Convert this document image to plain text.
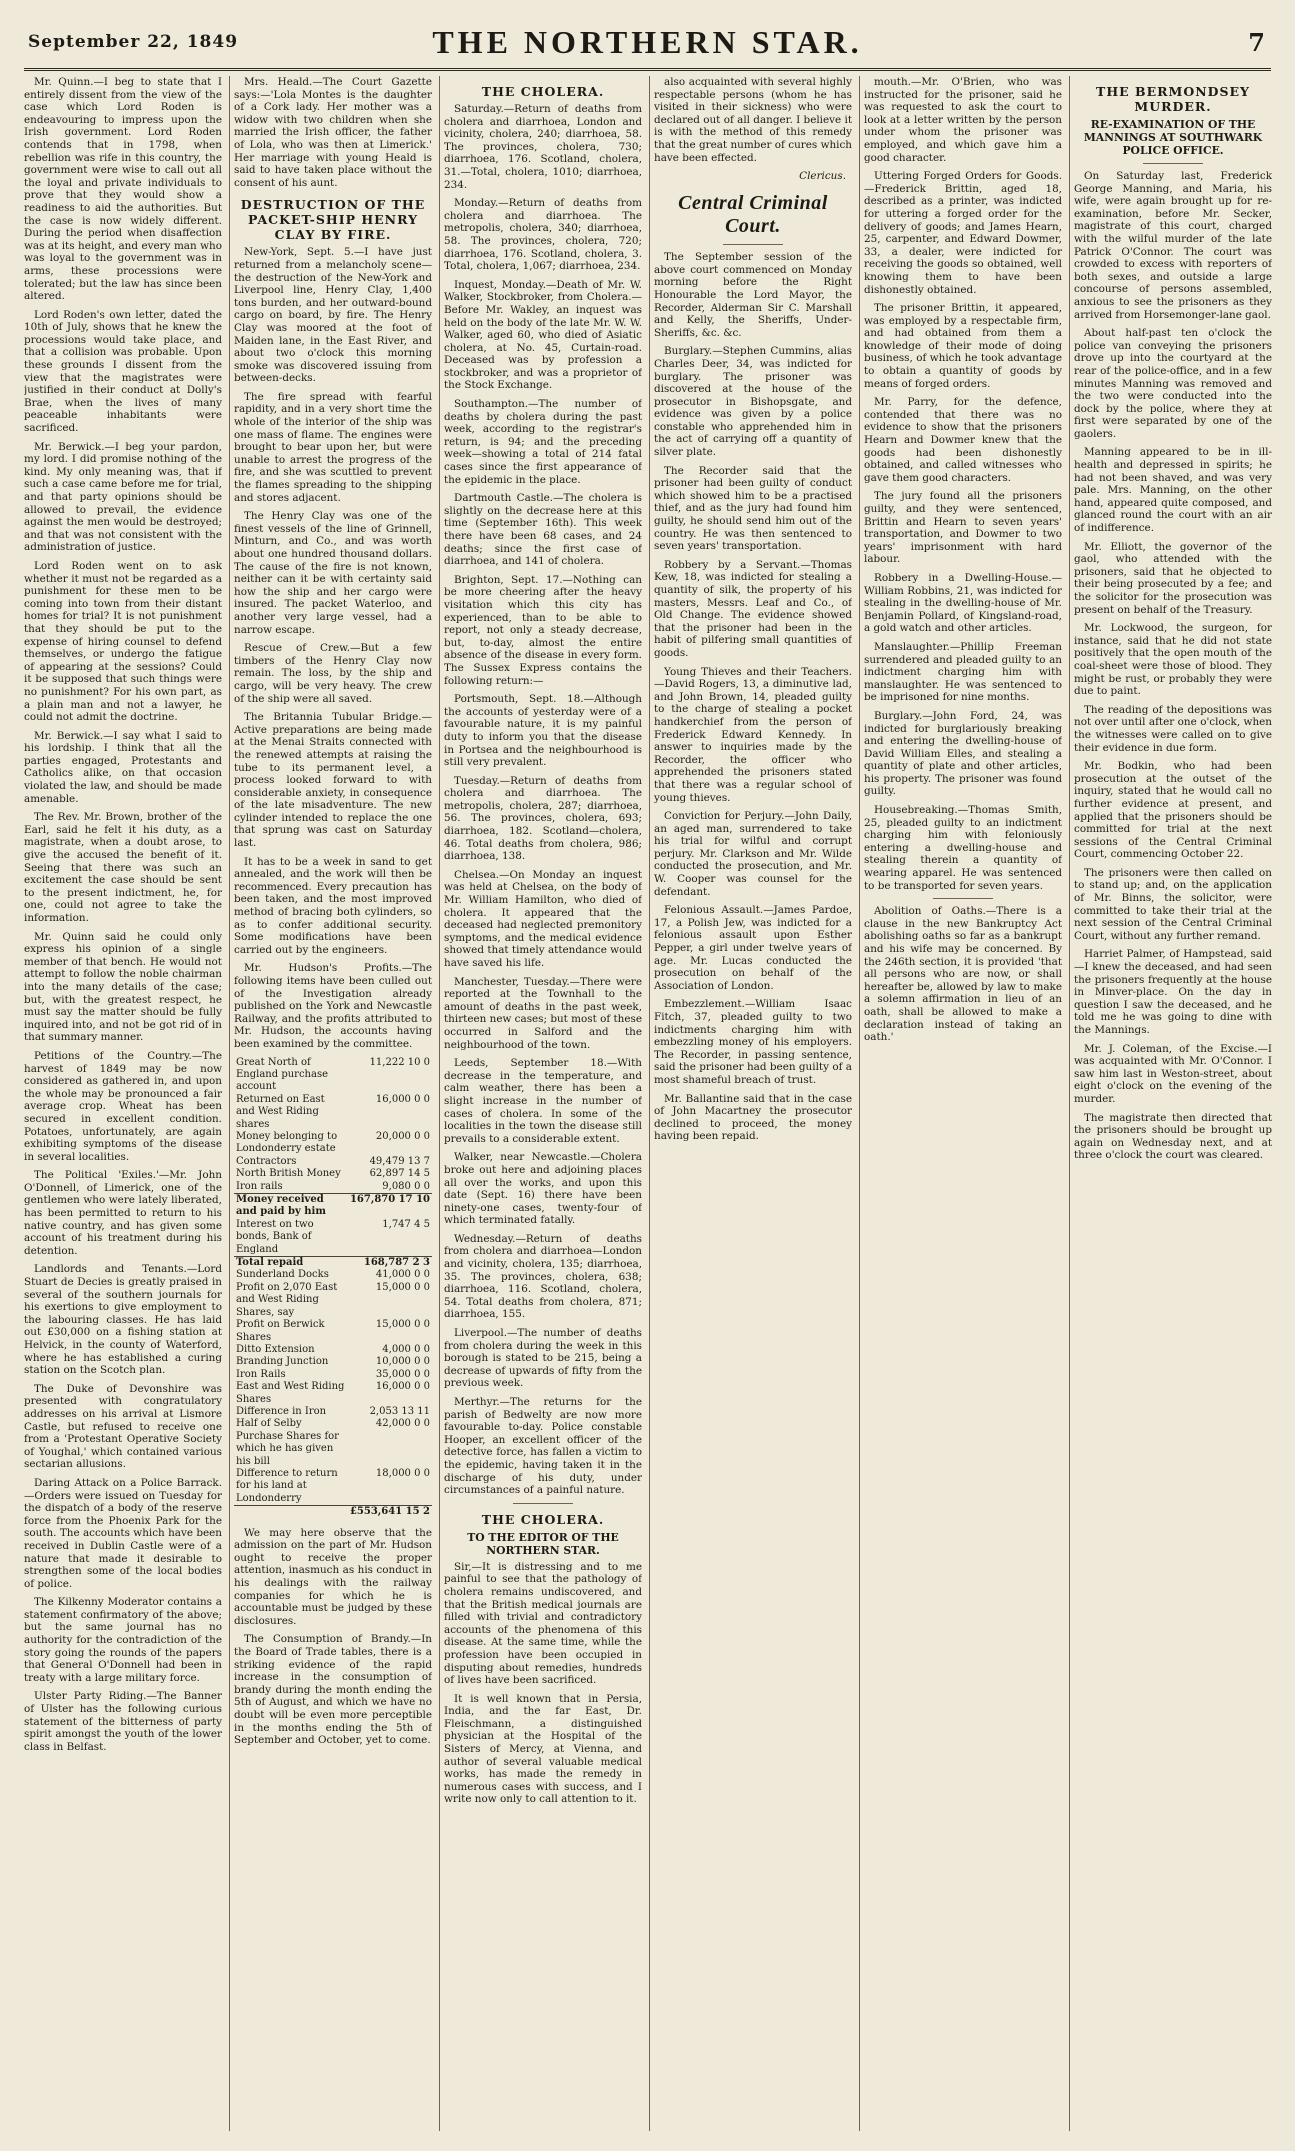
September 22, 1849	THE NORTHERN STAR.	7

Mr. Quinn.—I beg to state that I entirely dissent from the view of the case which Lord Roden is endeavouring to impress upon the Irish government. Lord Roden contends that in 1798, when rebellion was rife in this country, the government were wise to call out all the loyal and private individuals to prove that they would show a readiness to aid the authorities. But the case is now widely different. During the period when disaffection was at its height, and every man who was loyal to the government was in arms, these processions were tolerated; but the law has since been altered.

Lord Roden's own letter, dated the 10th of July, shows that he knew the processions would take place, and that a collision was probable. Upon these grounds I dissent from the view that the magistrates were justified in their conduct at Dolly's Brae, when the lives of many peaceable inhabitants were sacrificed.

Mr. Berwick.—I beg your pardon, my lord. I did promise nothing of the kind. My only meaning was, that if such a case came before me for trial, and that party opinions should be allowed to prevail, the evidence against the men would be destroyed; and that was not consistent with the administration of justice.

Lord Roden went on to ask whether it must not be regarded as a punishment for these men to be coming into town from their distant homes for trial? It is not punishment that they should be put to the expense of hiring counsel to defend themselves, or undergo the fatigue of appearing at the sessions? Could it be supposed that such things were no punishment? For his own part, as a plain man and not a lawyer, he could not admit the doctrine.

Mr. Berwick.—I say what I said to his lordship. I think that all the parties engaged, Protestants and Catholics alike, on that occasion violated the law, and should be made amenable.

The Rev. Mr. Brown, brother of the Earl, said he felt it his duty, as a magistrate, when a doubt arose, to give the accused the benefit of it. Seeing that there was such an excitement the case should be sent to the present indictment, he, for one, could not agree to take the information.

Mr. Quinn said he could only express his opinion of a single member of that bench. He would not attempt to follow the noble chairman into the many details of the case; but, with the greatest respect, he must say the matter should be fully inquired into, and not be got rid of in that summary manner.

Petitions of the Country.—The harvest of 1849 may be now considered as gathered in, and upon the whole may be pronounced a fair average crop. Wheat has been secured in excellent condition. Potatoes, unfortunately, are again exhibiting symptoms of the disease in several localities.

The Political 'Exiles.'—Mr. John O'Donnell, of Limerick, one of the gentlemen who were lately liberated, has been permitted to return to his native country, and has given some account of his treatment during his detention.

Landlords and Tenants.—Lord Stuart de Decies is greatly praised in several of the southern journals for his exertions to give employment to the labouring classes. He has laid out £30,000 on a fishing station at Helvick, in the county of Waterford, where he has established a curing station on the Scotch plan.

The Duke of Devonshire was presented with congratulatory addresses on his arrival at Lismore Castle, but refused to receive one from a 'Protestant Operative Society of Youghal,' which contained various sectarian allusions.

Daring Attack on a Police Barrack.—Orders were issued on Tuesday for the dispatch of a body of the reserve force from the Phoenix Park for the south. The accounts which have been received in Dublin Castle were of a nature that made it desirable to strengthen some of the local bodies of police.

The Kilkenny Moderator contains a statement confirmatory of the above; but the same journal has no authority for the contradiction of the story going the rounds of the papers that General O'Donnell had been in treaty with a large military force.

Ulster Party Riding.—The Banner of Ulster has the following curious statement of the bitterness of party spirit amongst the youth of the lower class in Belfast.

Mrs. Heald.—The Court Gazette says:—'Lola Montes is the daughter of a Cork lady. Her mother was a widow with two children when she married the Irish officer, the father of Lola, who was then at Limerick.' Her marriage with young Heald is said to have taken place without the consent of his aunt.

DESTRUCTION OF THE PACKET-SHIP HENRY CLAY BY FIRE.

New-York, Sept. 5.—I have just returned from a melancholy scene—the destruction of the New-York and Liverpool line, Henry Clay, 1,400 tons burden, and her outward-bound cargo on board, by fire. The Henry Clay was moored at the foot of Maiden lane, in the East River, and about two o'clock this morning smoke was discovered issuing from between-decks.

The fire spread with fearful rapidity, and in a very short time the whole of the interior of the ship was one mass of flame. The engines were brought to bear upon her, but were unable to arrest the progress of the fire, and she was scuttled to prevent the flames spreading to the shipping and stores adjacent.

The Henry Clay was one of the finest vessels of the line of Grinnell, Minturn, and Co., and was worth about one hundred thousand dollars. The cause of the fire is not known, neither can it be with certainty said how the ship and her cargo were insured. The packet Waterloo, and another very large vessel, had a narrow escape.

Rescue of Crew.—But a few timbers of the Henry Clay now remain. The loss, by the ship and cargo, will be very heavy. The crew of the ship were all saved.

The Britannia Tubular Bridge.—Active preparations are being made at the Menai Straits connected with the renewed attempts at raising the tube to its permanent level, a process looked forward to with considerable anxiety, in consequence of the late misadventure. The new cylinder intended to replace the one that sprung was cast on Saturday last.

It has to be a week in sand to get annealed, and the work will then be recommenced. Every precaution has been taken, and the most improved method of bracing both cylinders, so as to confer additional security. Some modifications have been carried out by the engineers.

Mr. Hudson's Profits.—The following items have been culled out of the Investigation already published on the York and Newcastle Railway, and the profits attributed to Mr. Hudson, the accounts having been examined by the committee.

Great North of England purchase account	11,222 10 0
Returned on East and West Riding shares	16,000 0 0
Money belonging to Londonderry estate	20,000 0 0
Contractors	49,479 13 7
North British Money	62,897 14 5
Iron rails	9,080 0 0
Money received and paid by him	167,870 17 10
Interest on two bonds, Bank of England	1,747 4 5
Total repaid	168,787 2 3
Sunderland Docks	41,000 0 0
Profit on 2,070 East and West Riding Shares, say	15,000 0 0
Profit on Berwick Shares	15,000 0 0
Ditto Extension	4,000 0 0
Branding Junction	10,000 0 0
Iron Rails	35,000 0 0
East and West Riding Shares	16,000 0 0
Difference in Iron	2,053 13 11
Half of Selby Purchase Shares for which he has given his bill	42,000 0 0
Difference to return for his land at Londonderry	18,000 0 0
	£553,641 15 2

We may here observe that the admission on the part of Mr. Hudson ought to receive the proper attention, inasmuch as his conduct in his dealings with the railway companies for which he is accountable must be judged by these disclosures.

The Consumption of Brandy.—In the Board of Trade tables, there is a striking evidence of the rapid increase in the consumption of brandy during the month ending the 5th of August, and which we have no doubt will be even more perceptible in the months ending the 5th of September and October, yet to come.

THE CHOLERA.

Saturday.—Return of deaths from cholera and diarrhoea, London and vicinity, cholera, 240; diarrhoea, 58. The provinces, cholera, 730; diarrhoea, 176. Scotland, cholera, 31.—Total, cholera, 1010; diarrhoea, 234.

Monday.—Return of deaths from cholera and diarrhoea. The metropolis, cholera, 340; diarrhoea, 58. The provinces, cholera, 720; diarrhoea, 176. Scotland, cholera, 3. Total, cholera, 1,067; diarrhoea, 234.

Inquest, Monday.—Death of Mr. W. Walker, Stockbroker, from Cholera.—Before Mr. Wakley, an inquest was held on the body of the late Mr. W. W. Walker, aged 60, who died of Asiatic cholera, at No. 45, Curtain-road. Deceased was by profession a stockbroker, and was a proprietor of the Stock Exchange.

Southampton.—The number of deaths by cholera during the past week, according to the registrar's return, is 94; and the preceding week—showing a total of 214 fatal cases since the first appearance of the epidemic in the place.

Dartmouth Castle.—The cholera is slightly on the decrease here at this time (September 16th). This week there have been 68 cases, and 24 deaths; since the first case of diarrhoea, and 141 of cholera.

Brighton, Sept. 17.—Nothing can be more cheering after the heavy visitation which this city has experienced, than to be able to report, not only a steady decrease, but, to-day, almost the entire absence of the disease in every form. The Sussex Express contains the following return:—

Portsmouth, Sept. 18.—Although the accounts of yesterday were of a favourable nature, it is my painful duty to inform you that the disease in Portsea and the neighbourhood is still very prevalent.

Tuesday.—Return of deaths from cholera and diarrhoea. The metropolis, cholera, 287; diarrhoea, 56. The provinces, cholera, 693; diarrhoea, 182. Scotland—cholera, 46. Total deaths from cholera, 986; diarrhoea, 138.

Chelsea.—On Monday an inquest was held at Chelsea, on the body of Mr. William Hamilton, who died of cholera. It appeared that the deceased had neglected premonitory symptoms, and the medical evidence showed that timely attendance would have saved his life.

Manchester, Tuesday.—There were reported at the Townhall to the amount of deaths in the past week, thirteen new cases; but most of these occurred in Salford and the neighbourhood of the town.

Leeds, September 18.—With decrease in the temperature, and calm weather, there has been a slight increase in the number of cases of cholera. In some of the localities in the town the disease still prevails to a considerable extent.

Walker, near Newcastle.—Cholera broke out here and adjoining places all over the works, and upon this date (Sept. 16) there have been ninety-one cases, twenty-four of which terminated fatally.

Wednesday.—Return of deaths from cholera and diarrhoea—London and vicinity, cholera, 135; diarrhoea, 35. The provinces, cholera, 638; diarrhoea, 116. Scotland, cholera, 54. Total deaths from cholera, 871; diarrhoea, 155.

Liverpool.—The number of deaths from cholera during the week in this borough is stated to be 215, being a decrease of upwards of fifty from the previous week.

Merthyr.—The returns for the parish of Bedwelty are now more favourable to-day. Police constable Hooper, an excellent officer of the detective force, has fallen a victim to the epidemic, having taken it in the discharge of his duty, under circumstances of a painful nature.

THE CHOLERA.
TO THE EDITOR OF THE NORTHERN STAR.

Sir,—It is distressing and to me painful to see that the pathology of cholera remains undiscovered, and that the British medical journals are filled with trivial and contradictory accounts of the phenomena of this disease. At the same time, while the profession have been occupied in disputing about remedies, hundreds of lives have been sacrificed.

It is well known that in Persia, India, and the far East, Dr. Fleischmann, a distinguished physician at the Hospital of the Sisters of Mercy, at Vienna, and author of several valuable medical works, has made the remedy in numerous cases with success, and I write now only to call attention to it.

also acquainted with several highly respectable persons (whom he has visited in their sickness) who were declared out of all danger. I believe it is with the method of this remedy that the great number of cures which have been effected.

Clericus.
Central Criminal Court.

The September session of the above court commenced on Monday morning before the Right Honourable the Lord Mayor, the Recorder, Alderman Sir C. Marshall and Kelly, the Sheriffs, Under-Sheriffs, &c. &c.

Burglary.—Stephen Cummins, alias Charles Deer, 34, was indicted for burglary. The prisoner was discovered at the house of the prosecutor in Bishopsgate, and evidence was given by a police constable who apprehended him in the act of carrying off a quantity of silver plate.

The Recorder said that the prisoner had been guilty of conduct which showed him to be a practised thief, and as the jury had found him guilty, he should send him out of the country. He was then sentenced to seven years' transportation.

Robbery by a Servant.—Thomas Kew, 18, was indicted for stealing a quantity of silk, the property of his masters, Messrs. Leaf and Co., of Old Change. The evidence showed that the prisoner had been in the habit of pilfering small quantities of goods.

Young Thieves and their Teachers.—David Rogers, 13, a diminutive lad, and John Brown, 14, pleaded guilty to the charge of stealing a pocket handkerchief from the person of Frederick Edward Kennedy. In answer to inquiries made by the Recorder, the officer who apprehended the prisoners stated that there was a regular school of young thieves.

Conviction for Perjury.—John Daily, an aged man, surrendered to take his trial for wilful and corrupt perjury. Mr. Clarkson and Mr. Wilde conducted the prosecution, and Mr. W. Cooper was counsel for the defendant.

Felonious Assault.—James Pardoe, 17, a Polish Jew, was indicted for a felonious assault upon Esther Pepper, a girl under twelve years of age. Mr. Lucas conducted the prosecution on behalf of the Association of London.

Embezzlement.—William Isaac Fitch, 37, pleaded guilty to two indictments charging him with embezzling money of his employers. The Recorder, in passing sentence, said the prisoner had been guilty of a most shameful breach of trust.

Mr. Ballantine said that in the case of John Macartney the prosecutor declined to proceed, the money having been repaid.

mouth.—Mr. O'Brien, who was instructed for the prisoner, said he was requested to ask the court to look at a letter written by the person under whom the prisoner was employed, and which gave him a good character.

Uttering Forged Orders for Goods.—Frederick Brittin, aged 18, described as a printer, was indicted for uttering a forged order for the delivery of goods; and James Hearn, 25, carpenter, and Edward Dowmer, 33, a dealer, were indicted for receiving the goods so obtained, well knowing them to have been dishonestly obtained.

The prisoner Brittin, it appeared, was employed by a respectable firm, and had obtained from them a knowledge of their mode of doing business, of which he took advantage to obtain a quantity of goods by means of forged orders.

Mr. Parry, for the defence, contended that there was no evidence to show that the prisoners Hearn and Dowmer knew that the goods had been dishonestly obtained, and called witnesses who gave them good characters.

The jury found all the prisoners guilty, and they were sentenced, Brittin and Hearn to seven years' transportation, and Dowmer to two years' imprisonment with hard labour.

Robbery in a Dwelling-House.—William Robbins, 21, was indicted for stealing in the dwelling-house of Mr. Benjamin Pollard, of Kingsland-road, a gold watch and other articles.

Manslaughter.—Phillip Freeman surrendered and pleaded guilty to an indictment charging him with manslaughter. He was sentenced to be imprisoned for nine months.

Burglary.—John Ford, 24, was indicted for burglariously breaking and entering the dwelling-house of David William Elles, and stealing a quantity of plate and other articles, his property. The prisoner was found guilty.

Housebreaking.—Thomas Smith, 25, pleaded guilty to an indictment charging him with feloniously entering a dwelling-house and stealing therein a quantity of wearing apparel. He was sentenced to be transported for seven years.

Abolition of Oaths.—There is a clause in the new Bankruptcy Act abolishing oaths so far as a bankrupt and his wife may be concerned. By the 246th section, it is provided 'that all persons who are now, or shall hereafter be, allowed by law to make a solemn affirmation in lieu of an oath, shall be allowed to make a declaration instead of taking an oath.'

THE BERMONDSEY MURDER.
RE-EXAMINATION OF THE MANNINGS AT SOUTHWARK POLICE OFFICE.

On Saturday last, Frederick George Manning, and Maria, his wife, were again brought up for re-examination, before Mr. Secker, magistrate of this court, charged with the wilful murder of the late Patrick O'Connor. The court was crowded to excess with reporters of both sexes, and outside a large concourse of persons assembled, anxious to see the prisoners as they arrived from Horsemonger-lane gaol.

About half-past ten o'clock the police van conveying the prisoners drove up into the courtyard at the rear of the police-office, and in a few minutes Manning was removed and the two were conducted into the dock by the police, where they at first were separated by one of the gaolers.

Manning appeared to be in ill-health and depressed in spirits; he had not been shaved, and was very pale. Mrs. Manning, on the other hand, appeared quite composed, and glanced round the court with an air of indifference.

Mr. Elliott, the governor of the gaol, who attended with the prisoners, said that he objected to their being prosecuted by a fee; and the solicitor for the prosecution was present on behalf of the Treasury.

Mr. Lockwood, the surgeon, for instance, said that he did not state positively that the open mouth of the coal-sheet were those of blood. They might be rust, or probably they were due to paint.

The reading of the depositions was not over until after one o'clock, when the witnesses were called on to give their evidence in due form.

Mr. Bodkin, who had been prosecution at the outset of the inquiry, stated that he would call no further evidence at present, and applied that the prisoners should be committed for trial at the next sessions of the Central Criminal Court, commencing October 22.

The prisoners were then called on to stand up; and, on the application of Mr. Binns, the solicitor, were committed to take their trial at the next session of the Central Criminal Court, without any further remand.

Harriet Palmer, of Hampstead, said—I knew the deceased, and had seen the prisoners frequently at the house in Minver-place. On the day in question I saw the deceased, and he told me he was going to dine with the Mannings.

Mr. J. Coleman, of the Excise.—I was acquainted with Mr. O'Connor. I saw him last in Weston-street, about eight o'clock on the evening of the murder.

The magistrate then directed that the prisoners should be brought up again on Wednesday next, and at three o'clock the court was cleared.
